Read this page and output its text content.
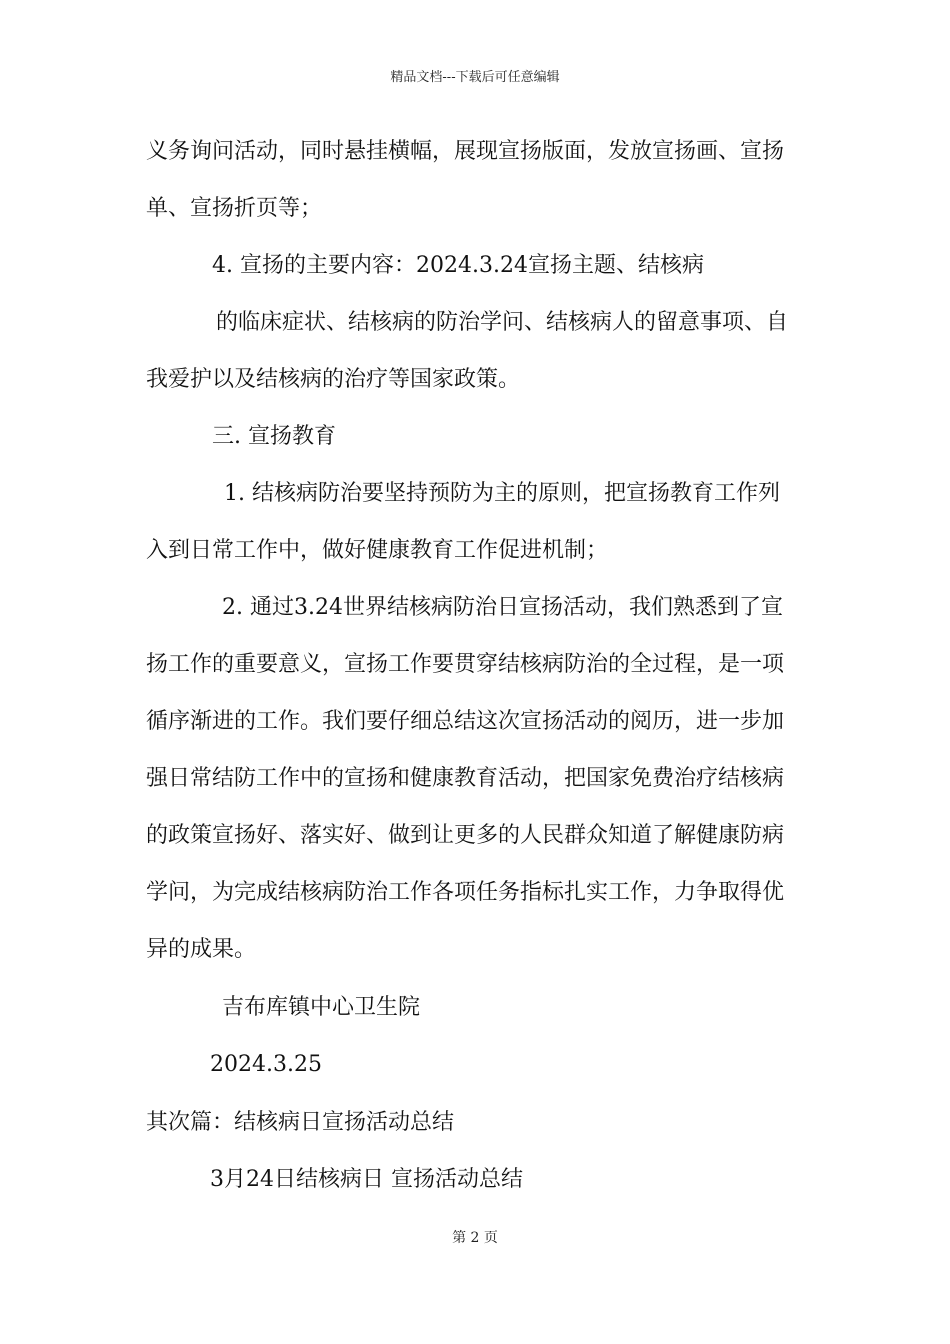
精品文档---下载后可任意编辑
义务询问活动，同时悬挂横幅，展现宣扬版面，发放宣扬画、宣扬
单、宣扬折页等；
4. 宣扬的主要内容：2024.3.24宣扬主题、结核病
的临床症状、结核病的防治学问、结核病人的留意事项、自
我爱护以及结核病的治疗等国家政策。
三. 宣扬教育
1. 结核病防治要坚持预防为主的原则，把宣扬教育工作列
入到日常工作中，做好健康教育工作促进机制；
2. 通过3.24世界结核病防治日宣扬活动，我们熟悉到了宣
扬工作的重要意义，宣扬工作要贯穿结核病防治的全过程，是一项
循序渐进的工作。我们要仔细总结这次宣扬活动的阅历，进一步加
强日常结防工作中的宣扬和健康教育活动，把国家免费治疗结核病
的政策宣扬好、落实好、做到让更多的人民群众知道了解健康防病
学问，为完成结核病防治工作各项任务指标扎实工作，力争取得优
异的成果。
吉布库镇中心卫生院
2024.3.25
其次篇：结核病日宣扬活动总结
3月24日结核病日 宣扬活动总结
第 2 页
